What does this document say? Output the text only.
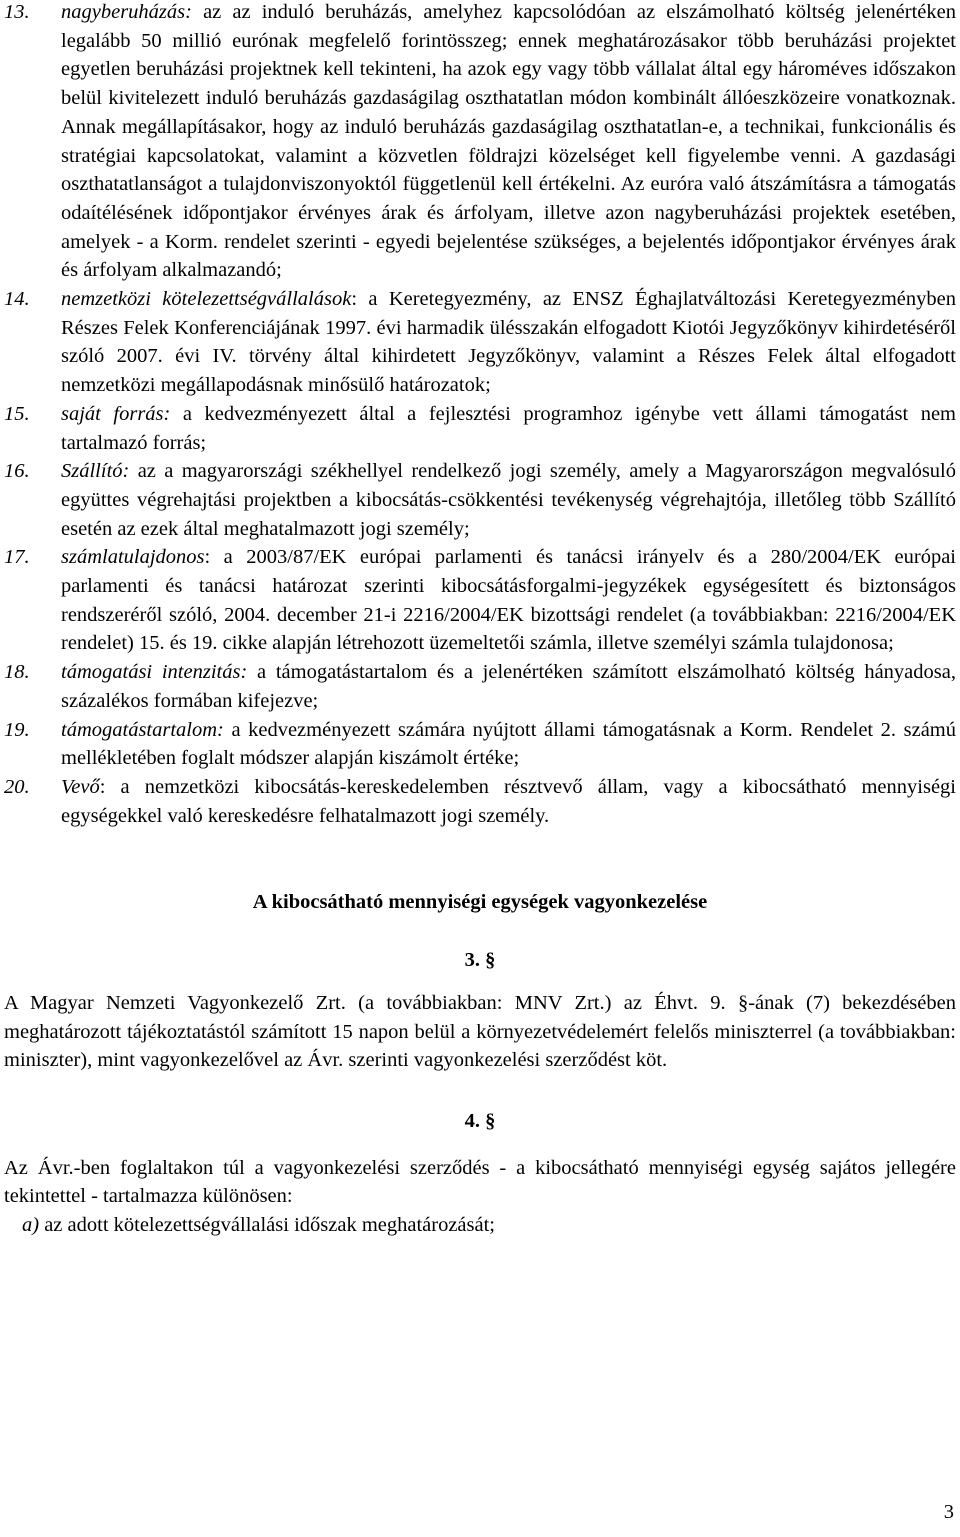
13.	nagyberuházás: az az induló beruházás, amelyhez kapcsolódóan az elszámolható költség jelenértéken legalább 50 millió eurónak megfelelő forintösszeg; ennek meghatározásakor több beruházási projektet egyetlen beruházási projektnek kell tekinteni, ha azok egy vagy több vállalat által egy hároméves időszakon belül kivitelezett induló beruházás gazdaságilag oszthatatlan módon kombinált állóeszközeire vonatkoznak. Annak megállapításakor, hogy az induló beruházás gazdaságilag oszthatatlan-e, a technikai, funkcionális és stratégiai kapcsolatokat, valamint a közvetlen földrajzi közelséget kell figyelembe venni. A gazdasági oszthatatlanságot a tulajdonviszonyoktól függetlenül kell értékelni. Az euróra való átszámításra a támogatás odaítélésének időpontjakor érvényes árak és árfolyam, illetve azon nagyberuházási projektek esetében, amelyek - a Korm. rendelet szerinti - egyedi bejelentése szükséges, a bejelentés időpontjakor érvényes árak és árfolyam alkalmazandó;
14.	nemzetközi kötelezettségvállalások: a Keretegyezmény, az ENSZ Éghajlatváltozási Keretegyezményben Részes Felek Konferenciájának 1997. évi harmadik ülésszakán elfogadott Kiotói Jegyzőkönyv kihirdetéséről szóló 2007. évi IV. törvény által kihirdetett Jegyzőkönyv, valamint a Részes Felek által elfogadott nemzetközi megállapodásnak minősülő határozatok;
15.	saját forrás: a kedvezményezett által a fejlesztési programhoz igénybe vett állami támogatást nem tartalmazó forrás;
16.	Szállító: az a magyarországi székhellyel rendelkező jogi személy, amely a Magyarországon megvalósuló együttes végrehajtási projektben a kibocsátás-csökkentési tevékenység végrehajtója, illetőleg több Szállító esetén az ezek által meghatalmazott jogi személy;
17.	számlatulajdonos: a 2003/87/EK európai parlamenti és tanácsi irányelv és a 280/2004/EK európai parlamenti és tanácsi határozat szerinti kibocsátásforgalmi-jegyzékek egységesített és biztonságos rendszeréről szóló, 2004. december 21-i 2216/2004/EK bizottsági rendelet (a továbbiakban: 2216/2004/EK rendelet) 15. és 19. cikke alapján létrehozott üzemeltetői számla, illetve személyi számla tulajdonosa;
18.	támogatási intenzitás: a támogatástartalom és a jelenértéken számított elszámolható költség hányadosa, százalékos formában kifejezve;
19.	támogatástartalom: a kedvezményezett számára nyújtott állami támogatásnak a Korm. Rendelet 2. számú mellékletében foglalt módszer alapján kiszámolt értéke;
20.	Vevő: a nemzetközi kibocsátás-kereskedelemben résztvevő állam, vagy a kibocsátható mennyiségi egységekkel való kereskedésre felhatalmazott jogi személy.
A kibocsátható mennyiségi egységek vagyonkezelése
3. §
A Magyar Nemzeti Vagyonkezelő Zrt. (a továbbiakban: MNV Zrt.) az Éhvt. 9. §-ának (7) bekezdésében meghatározott tájékoztatástól számított 15 napon belül a környezetvédelemért felelős miniszterrel (a továbbiakban: miniszter), mint vagyonkezelővel az Ávr. szerinti vagyonkezelési szerződést köt.
4. §
Az Ávr.-ben foglaltakon túl a vagyonkezelési szerződés - a kibocsátható mennyiségi egység sajátos jellegére tekintettel - tartalmazza különösen:
a) az adott kötelezettségvállalási időszak meghatározását;
3
